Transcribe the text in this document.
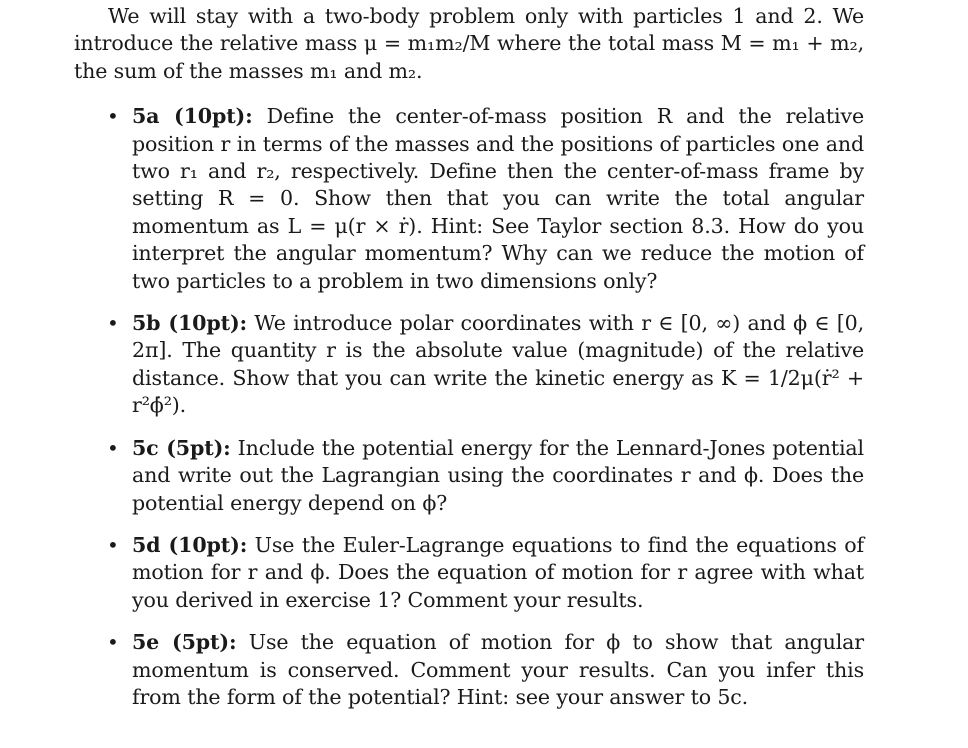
We will stay with a two-body problem only with particles 1 and 2. We introduce the relative mass μ = m₁m₂/M where the total mass M = m₁ + m₂, the sum of the masses m₁ and m₂.

• 5a (10pt): Define the center-of-mass position R and the relative position r in terms of the masses and the positions of particles one and two r₁ and r₂, respectively. Define then the center-of-mass frame by setting R = 0. Show then that you can write the total angular momentum as L = μ(r × ṙ). Hint: See Taylor section 8.3. How do you interpret the angular momentum? Why can we reduce the motion of two particles to a problem in two dimensions only?
• 5b (10pt): We introduce polar coordinates with r ∈ [0, ∞) and ϕ ∈ [0, 2π]. The quantity r is the absolute value (magnitude) of the relative distance. Show that you can write the kinetic energy as K = 1/2μ(ṙ² + r²ϕ̇²).
• 5c (5pt): Include the potential energy for the Lennard-Jones potential and write out the Lagrangian using the coordinates r and ϕ. Does the potential energy depend on ϕ?
• 5d (10pt): Use the Euler-Lagrange equations to find the equations of motion for r and ϕ. Does the equation of motion for r agree with what you derived in exercise 1? Comment your results.
• 5e (5pt): Use the equation of motion for ϕ to show that angular momentum is conserved. Comment your results. Can you infer this from the form of the potential? Hint: see your answer to 5c.
